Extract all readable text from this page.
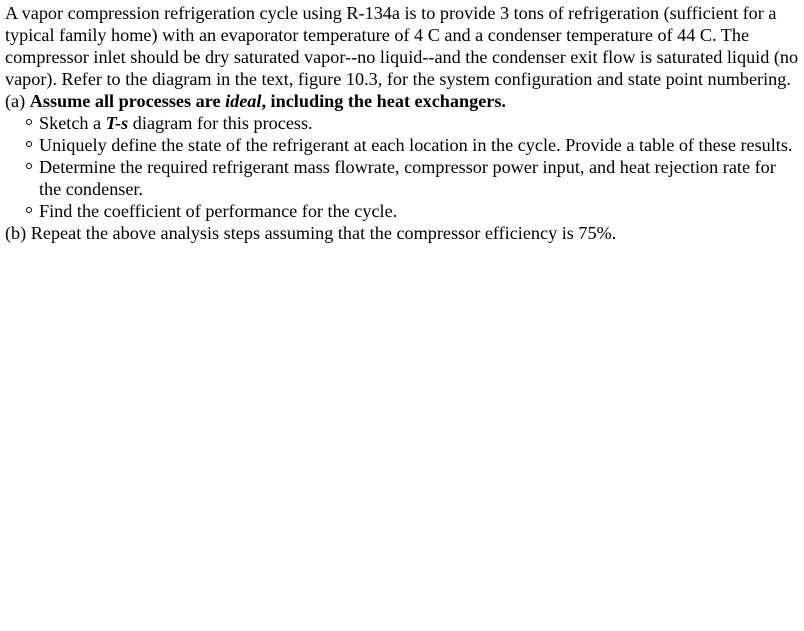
A vapor compression refrigeration cycle using R-134a is to provide 3 tons of refrigeration (sufficient for a typical family home) with an evaporator temperature of 4 C and a condenser temperature of 44 C. The compressor inlet should be dry saturated vapor--no liquid--and the condenser exit flow is saturated liquid (no vapor). Refer to the diagram in the text, figure 10.3, for the system configuration and state point numbering.

(a) Assume all processes are ideal, including the heat exchangers.

Sketch a T-s diagram for this process.
Uniquely define the state of the refrigerant at each location in the cycle. Provide a table of these results.
Determine the required refrigerant mass flowrate, compressor power input, and heat rejection rate for the condenser.
Find the coefficient of performance for the cycle.

(b) Repeat the above analysis steps assuming that the compressor efficiency is 75%.
